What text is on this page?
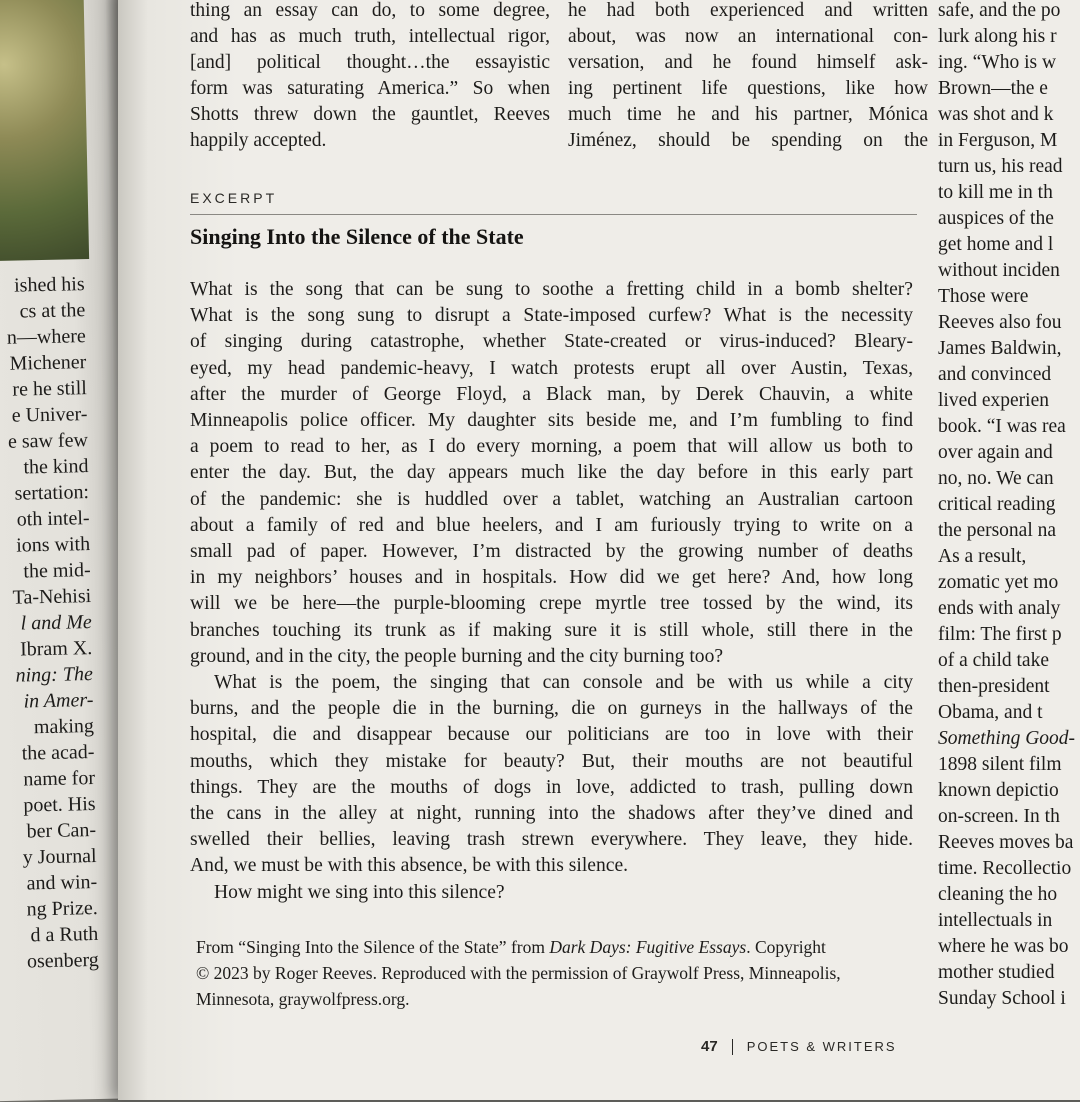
ished his
cs at the
n—where
Michener
re he still
e Univer-
e saw few
the kind
sertation:
oth intel-
ions with
the mid-
Ta-Nehisi
l and Me
Ibram X.
ning: The
in Amer-
making
the acad-
name for
poet. His
ber Can-
y Journal
and win-
ng Prize.
d a Ruth
osenberg
thing an essay can do, to some degree,
and has as much truth, intellectual rigor,
[and] political thought…the essayistic
form was saturating America.” So when
Shotts threw down the gauntlet, Reeves
happily accepted.
he had both experienced and written
about, was now an international con-
versation, and he found himself ask-
ing pertinent life questions, like how
much time he and his partner, Mónica
Jiménez, should be spending on the
safe, and the po
lurk along his r
ing. “Who is w
Brown—the e
was shot and k
in Ferguson, M
turn us, his read
to kill me in th
auspices of the
get home and l
without inciden
Those were
Reeves also fou
James Baldwin,
and convinced
lived experien
book. “I was rea
over again and
no, no. We can
critical reading
the personal na
As a result,
zomatic yet mo
ends with analy
film: The first p
of a child take
then-president
Obama, and t
Something Good-
1898 silent film
known depictio
on-screen. In th
Reeves moves ba
time. Recollectio
cleaning the ho
intellectuals in
where he was bo
mother studied
Sunday School i
EXCERPT
Singing Into the Silence of the State
What is the song that can be sung to soothe a fretting child in a bomb shelter?
What is the song sung to disrupt a State-imposed curfew? What is the necessity
of singing during catastrophe, whether State-created or virus-induced? Bleary-
eyed, my head pandemic-heavy, I watch protests erupt all over Austin, Texas,
after the murder of George Floyd, a Black man, by Derek Chauvin, a white
Minneapolis police officer. My daughter sits beside me, and I’m fumbling to find
a poem to read to her, as I do every morning, a poem that will allow us both to
enter the day. But, the day appears much like the day before in this early part
of the pandemic: she is huddled over a tablet, watching an Australian cartoon
about a family of red and blue heelers, and I am furiously trying to write on a
small pad of paper. However, I’m distracted by the growing number of deaths
in my neighbors’ houses and in hospitals. How did we get here? And, how long
will we be here—the purple-blooming crepe myrtle tree tossed by the wind, its
branches touching its trunk as if making sure it is still whole, still there in the
ground, and in the city, the people burning and the city burning too?
What is the poem, the singing that can console and be with us while a city
burns, and the people die in the burning, die on gurneys in the hallways of the
hospital, die and disappear because our politicians are too in love with their
mouths, which they mistake for beauty? But, their mouths are not beautiful
things. They are the mouths of dogs in love, addicted to trash, pulling down
the cans in the alley at night, running into the shadows after they’ve dined and
swelled their bellies, leaving trash strewn everywhere. They leave, they hide.
And, we must be with this absence, be with this silence.
How might we sing into this silence?
From “Singing Into the Silence of the State” from Dark Days: Fugitive Essays. Copyright
© 2023 by Roger Reeves. Reproduced with the permission of Graywolf Press, Minneapolis,
Minnesota, graywolfpress.org.
47 POETS & WRITERS
